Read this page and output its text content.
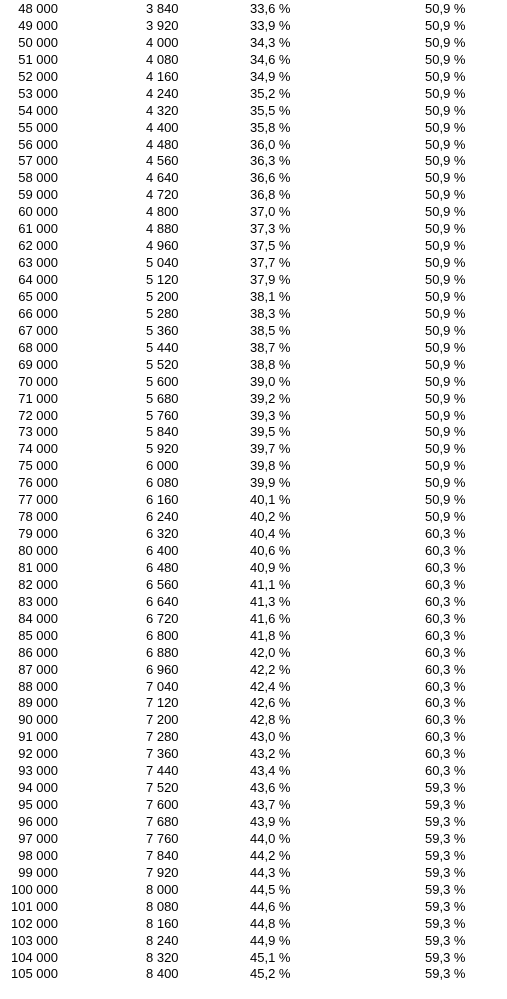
48 000	3 840	33,6 %	50,9 %
49 000	3 920	33,9 %	50,9 %
50 000	4 000	34,3 %	50,9 %
51 000	4 080	34,6 %	50,9 %
52 000	4 160	34,9 %	50,9 %
53 000	4 240	35,2 %	50,9 %
54 000	4 320	35,5 %	50,9 %
55 000	4 400	35,8 %	50,9 %
56 000	4 480	36,0 %	50,9 %
57 000	4 560	36,3 %	50,9 %
58 000	4 640	36,6 %	50,9 %
59 000	4 720	36,8 %	50,9 %
60 000	4 800	37,0 %	50,9 %
61 000	4 880	37,3 %	50,9 %
62 000	4 960	37,5 %	50,9 %
63 000	5 040	37,7 %	50,9 %
64 000	5 120	37,9 %	50,9 %
65 000	5 200	38,1 %	50,9 %
66 000	5 280	38,3 %	50,9 %
67 000	5 360	38,5 %	50,9 %
68 000	5 440	38,7 %	50,9 %
69 000	5 520	38,8 %	50,9 %
70 000	5 600	39,0 %	50,9 %
71 000	5 680	39,2 %	50,9 %
72 000	5 760	39,3 %	50,9 %
73 000	5 840	39,5 %	50,9 %
74 000	5 920	39,7 %	50,9 %
75 000	6 000	39,8 %	50,9 %
76 000	6 080	39,9 %	50,9 %
77 000	6 160	40,1 %	50,9 %
78 000	6 240	40,2 %	50,9 %
79 000	6 320	40,4 %	60,3 %
80 000	6 400	40,6 %	60,3 %
81 000	6 480	40,9 %	60,3 %
82 000	6 560	41,1 %	60,3 %
83 000	6 640	41,3 %	60,3 %
84 000	6 720	41,6 %	60,3 %
85 000	6 800	41,8 %	60,3 %
86 000	6 880	42,0 %	60,3 %
87 000	6 960	42,2 %	60,3 %
88 000	7 040	42,4 %	60,3 %
89 000	7 120	42,6 %	60,3 %
90 000	7 200	42,8 %	60,3 %
91 000	7 280	43,0 %	60,3 %
92 000	7 360	43,2 %	60,3 %
93 000	7 440	43,4 %	60,3 %
94 000	7 520	43,6 %	59,3 %
95 000	7 600	43,7 %	59,3 %
96 000	7 680	43,9 %	59,3 %
97 000	7 760	44,0 %	59,3 %
98 000	7 840	44,2 %	59,3 %
99 000	7 920	44,3 %	59,3 %
100 000	8 000	44,5 %	59,3 %
101 000	8 080	44,6 %	59,3 %
102 000	8 160	44,8 %	59,3 %
103 000	8 240	44,9 %	59,3 %
104 000	8 320	45,1 %	59,3 %
105 000	8 400	45,2 %	59,3 %
